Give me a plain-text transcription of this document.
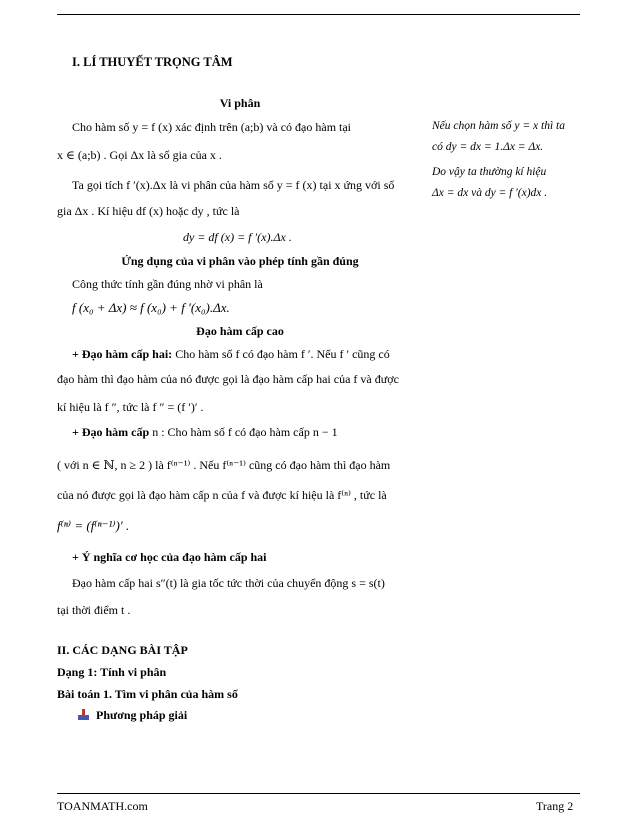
I. LÍ THUYẾT TRỌNG TÂM
Vi phân
Cho hàm số y = f (x) xác định trên (a;b) và có đạo hàm tại
x ∈ (a;b) . Gọi Δx là số gia của x .
Ta gọi tích f ′(x).Δx là vi phân của hàm số y = f (x) tại x ứng với số
gia Δx . Kí hiệu df (x) hoặc dy , tức là
dy = df (x) = f ′(x).Δx .
Ứng dụng của vi phân vào phép tính gần đúng
Công thức tính gần đúng nhờ vi phân là
f (x₀ + Δx) ≈ f (x₀) + f ′(x₀).Δx.
Đạo hàm cấp cao
+ Đạo hàm cấp hai: Cho hàm số f có đạo hàm f ′. Nếu f ′ cũng có
đạo hàm thì đạo hàm của nó được gọi là đạo hàm cấp hai của f và được
kí hiệu là f ″, tức là f ″ = (f ′)′ .
+ Đạo hàm cấp n : Cho hàm số f có đạo hàm cấp n − 1
( với n ∈ ℕ, n ≥ 2 ) là f⁽ⁿ⁻¹⁾ . Nếu f⁽ⁿ⁻¹⁾ cũng có đạo hàm thì đạo hàm
của nó được gọi là đạo hàm cấp n của f và được kí hiệu là f⁽ⁿ⁾ , tức là
f⁽ⁿ⁾ = (f⁽ⁿ⁻¹⁾)′ .
+ Ý nghĩa cơ học của đạo hàm cấp hai
Đạo hàm cấp hai s″(t) là gia tốc tức thời của chuyển động s = s(t)
tại thời điểm t .
Nếu chọn hàm số y = x thì ta
có dy = dx = 1.Δx = Δx.
Do vậy ta thường kí hiệu
Δx = dx và dy = f ′(x)dx .
II. CÁC DẠNG BÀI TẬP
Dạng 1: Tính vi phân
Bài toán 1. Tìm vi phân của hàm số
Phương pháp giải
TOANMATH.com	Trang 2
